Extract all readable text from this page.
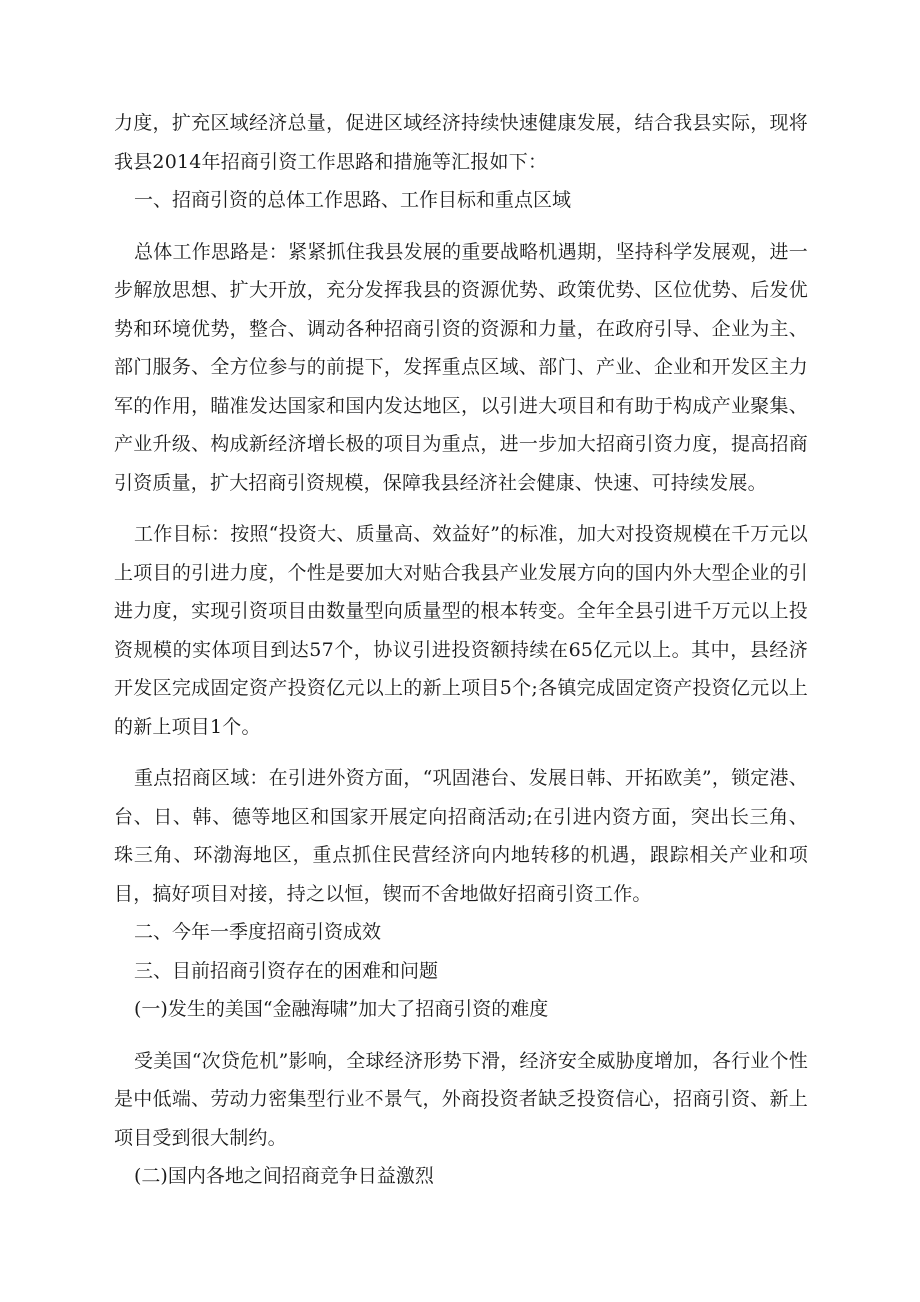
力度，扩充区域经济总量，促进区域经济持续快速健康发展，结合我县实际，现将我县2014年招商引资工作思路和措施等汇报如下：

一、招商引资的总体工作思路、工作目标和重点区域

总体工作思路是：紧紧抓住我县发展的重要战略机遇期，坚持科学发展观，进一步解放思想、扩大开放，充分发挥我县的资源优势、政策优势、区位优势、后发优势和环境优势，整合、调动各种招商引资的资源和力量，在政府引导、企业为主、部门服务、全方位参与的前提下，发挥重点区域、部门、产业、企业和开发区主力军的作用，瞄准发达国家和国内发达地区，以引进大项目和有助于构成产业聚集、产业升级、构成新经济增长极的项目为重点，进一步加大招商引资力度，提高招商引资质量，扩大招商引资规模，保障我县经济社会健康、快速、可持续发展。

工作目标：按照“投资大、质量高、效益好”的标准，加大对投资规模在千万元以上项目的引进力度，个性是要加大对贴合我县产业发展方向的国内外大型企业的引进力度，实现引资项目由数量型向质量型的根本转变。全年全县引进千万元以上投资规模的实体项目到达57个，协议引进投资额持续在65亿元以上。其中，县经济开发区完成固定资产投资亿元以上的新上项目5个;各镇完成固定资产投资亿元以上的新上项目1个。

重点招商区域：在引进外资方面，“巩固港台、发展日韩、开拓欧美”，锁定港、台、日、韩、德等地区和国家开展定向招商活动;在引进内资方面，突出长三角、珠三角、环渤海地区，重点抓住民营经济向内地转移的机遇，跟踪相关产业和项目，搞好项目对接，持之以恒，锲而不舍地做好招商引资工作。

二、今年一季度招商引资成效

三、目前招商引资存在的困难和问题

(一)发生的美国“金融海啸”加大了招商引资的难度

受美国“次贷危机”影响，全球经济形势下滑，经济安全威胁度增加，各行业个性是中低端、劳动力密集型行业不景气，外商投资者缺乏投资信心，招商引资、新上项目受到很大制约。

(二)国内各地之间招商竞争日益激烈
